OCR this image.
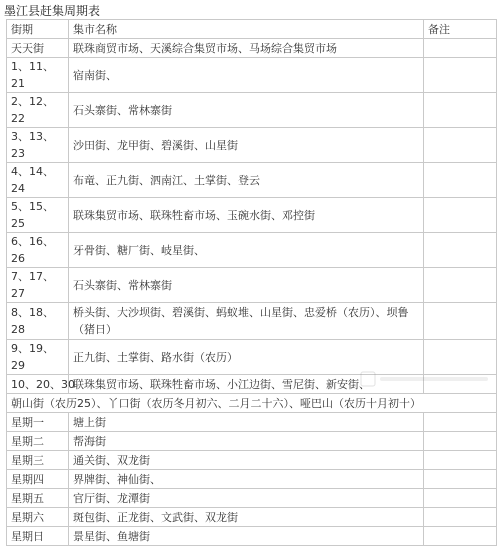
墨江县赶集周期表
街期	集市名称	备注
天天街	联珠商贸市场、天溪综合集贸市场、马场综合集贸市场	
1、11、21	宿南街、	
2、12、22	石头寨街、常林寨街	
3、13、23	沙田街、龙甲街、碧溪街、山星街	
4、14、24	布竜、正九街、泗南江、土掌街、登云	
5、15、25	联珠集贸市场、联珠牲畜市场、玉碗水街、邓控街	
6、16、26	牙骨街、糖厂街、岐星街、	
7、17、27	石头寨街、常林寨街	
8、18、28	桥头街、大沙坝街、碧溪街、蚂蚁堆、山星街、忠爱桥（农历）、坝鲁（猪日）	
9、19、29	正九街、土掌街、路水街（农历）	
10、20、30	联珠集贸市场、联珠牲畜市场、小江边街、雪尼街、新安街、	
朝山街（农历25）、丫口街（农历冬月初六、二月二十六）、哑巴山（农历十月初十）		
星期一	塘上街	
星期二	帮海街	
星期三	通关街、双龙街	
星期四	界牌街、神仙街、	
星期五	官厅街、龙潭街	
星期六	斑包街、正龙街、文武街、双龙街	
星期日	景星街、鱼塘街	
